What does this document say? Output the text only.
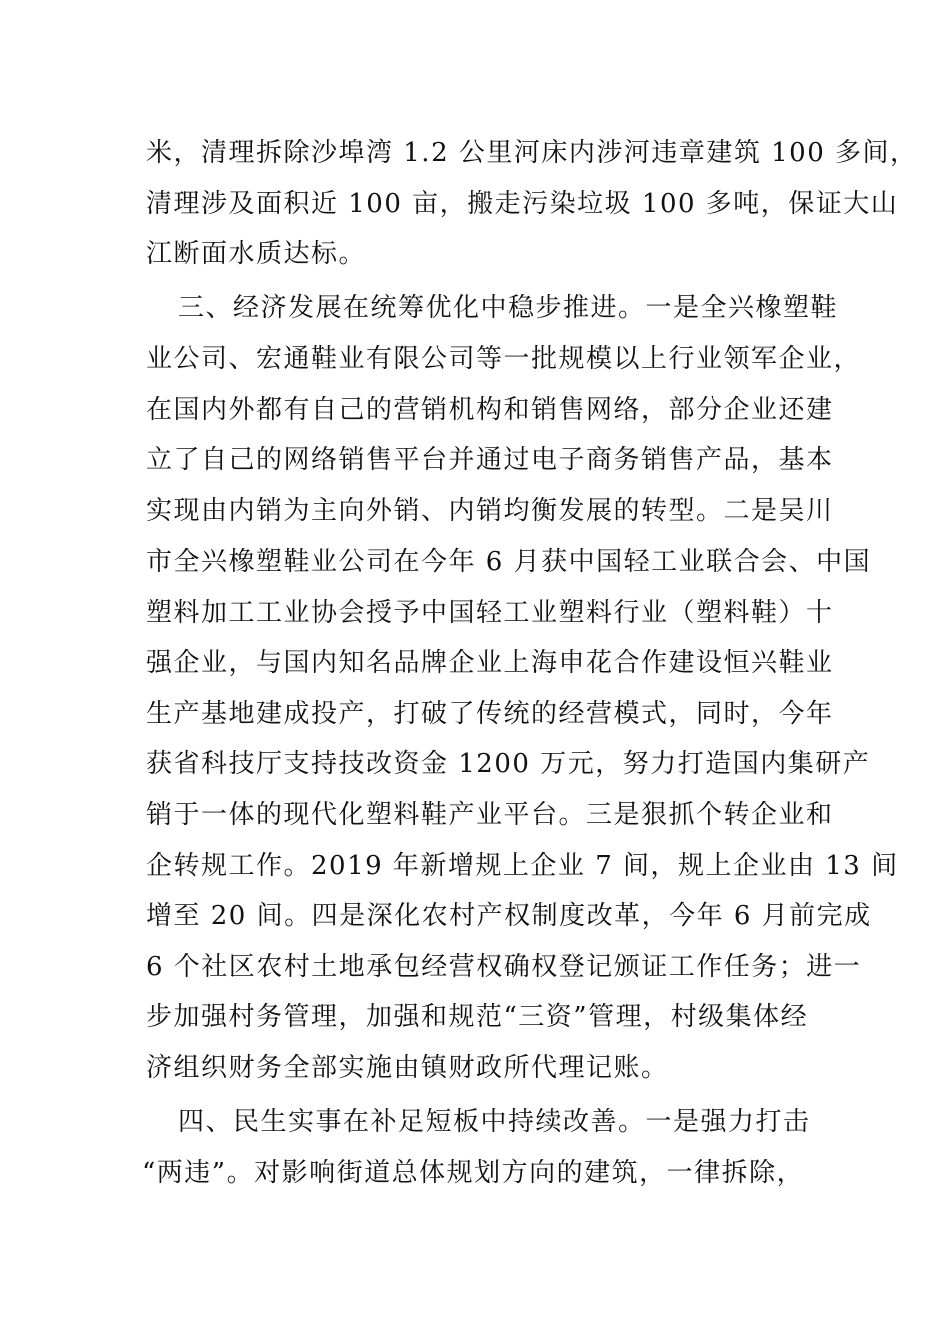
米，清理拆除沙埠湾 1.2 公里河床内涉河违章建筑 100 多间，
清理涉及面积近 100 亩，搬走污染垃圾 100 多吨，保证大山
江断面水质达标。
三、经济发展在统筹优化中稳步推进。一是全兴橡塑鞋
业公司、宏通鞋业有限公司等一批规模以上行业领军企业，
在国内外都有自己的营销机构和销售网络，部分企业还建
立了自己的网络销售平台并通过电子商务销售产品，基本
实现由内销为主向外销、内销均衡发展的转型。二是吴川
市全兴橡塑鞋业公司在今年 6 月获中国轻工业联合会、中国
塑料加工工业协会授予中国轻工业塑料行业（塑料鞋）十
强企业，与国内知名品牌企业上海申花合作建设恒兴鞋业
生产基地建成投产，打破了传统的经营模式，同时，今年
获省科技厅支持技改资金 1200 万元，努力打造国内集研产
销于一体的现代化塑料鞋产业平台。三是狠抓个转企业和
企转规工作。2019 年新增规上企业 7 间，规上企业由 13 间
增至 20 间。四是深化农村产权制度改革，今年 6 月前完成
6 个社区农村土地承包经营权确权登记颁证工作任务；进一
步加强村务管理，加强和规范“三资”管理，村级集体经
济组织财务全部实施由镇财政所代理记账。
四、民生实事在补足短板中持续改善。一是强力打击
“两违”。对影响街道总体规划方向的建筑，一律拆除，
